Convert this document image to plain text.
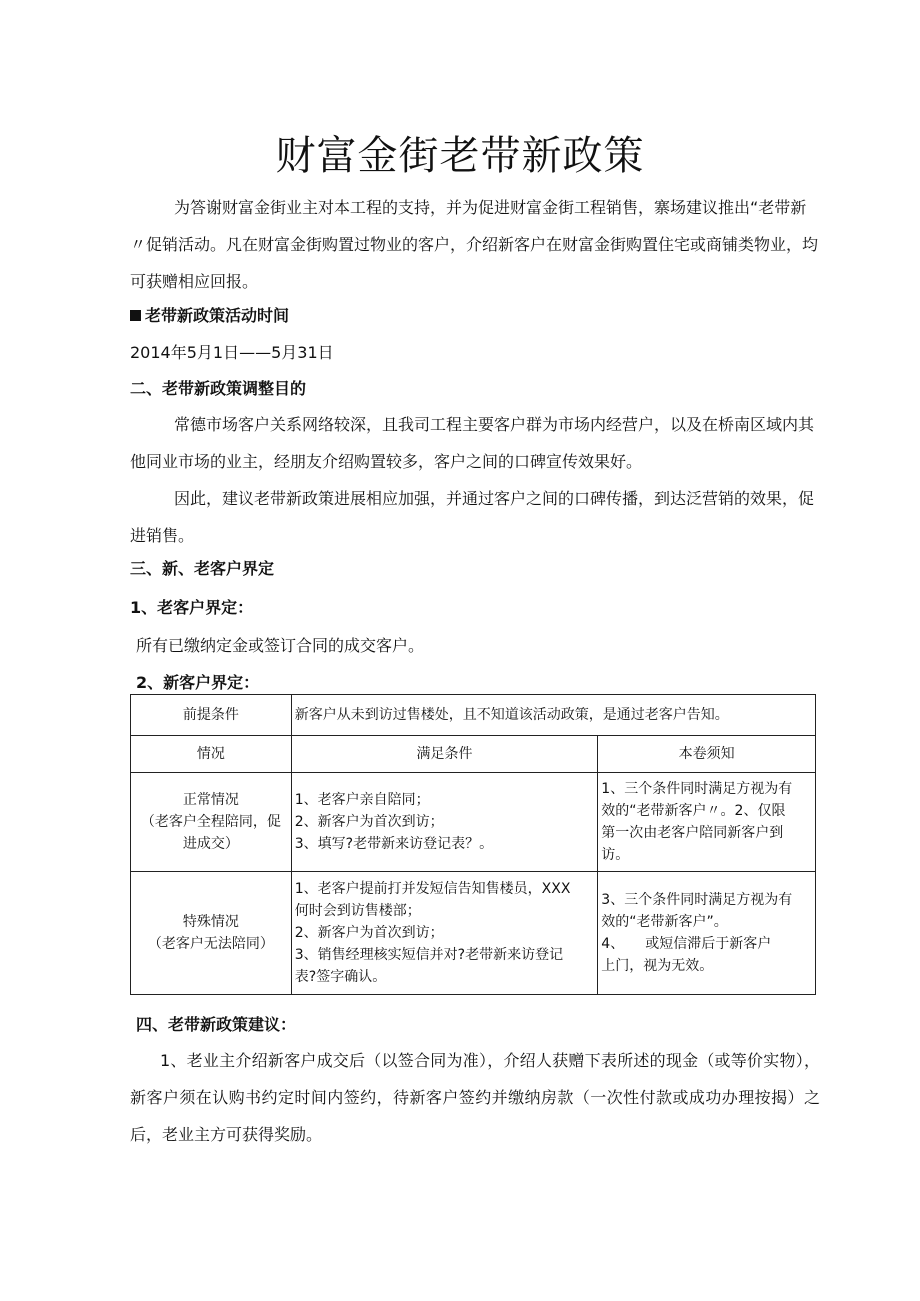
财富金街老带新政策

为答谢财富金街业主对本工程的支持，并为促进财富金街工程销售，寨场建议推出“老带新〃促销活动。凡在财富金街购置过物业的客户，介绍新客户在财富金街购置住宅或商铺类物业，均可获赠相应回报。

老带新政策活动时间
2014年5月1日——5月31日
二、老带新政策调整目的

常德市场客户关系网络较深，且我司工程主要客户群为市场内经营户，以及在桥南区域内其他同业市场的业主，经朋友介绍购置较多，客户之间的口碑宣传效果好。

因此，建议老带新政策进展相应加强，并通过客户之间的口碑传播，到达泛营销的效果，促进销售。

三、新、老客户界定
1、老客户界定：
所有已缴纳定金或签订合同的成交客户。
2、新客户界定：
前提条件	新客户从未到访过售楼处，且不知道该活动政策，是通过老客户告知。	
情况	满足条件	本卷须知

正常情况
（老客户全程陪同，促
进成交）	1、老客户亲自陪同；
2、新客户为首次到访；
3、填写?老带新来访登记表？。	1、三个条件同时满足方视为有
效的“老带新客户〃。2、仅限
第一次由老客户陪同新客户到
访。

特殊情况
（老客户无法陪同）	1、老客户提前打并发短信告知售楼员，XXX
何时会到访售楼部；
2、新客户为首次到访；
3、销售经理核实短信并对?老带新来访登记
表?签字确认。	3、三个条件同时满足方视为有
效的“老带新客户”。
4、　　或短信滞后于新客户
上门，视为无效。
四、老带新政策建议：

1、老业主介绍新客户成交后（以签合同为准），介绍人获赠下表所述的现金（或等价实物），新客户须在认购书约定时间内签约，待新客户签约并缴纳房款（一次性付款或成功办理按揭）之后，老业主方可获得奖励。
